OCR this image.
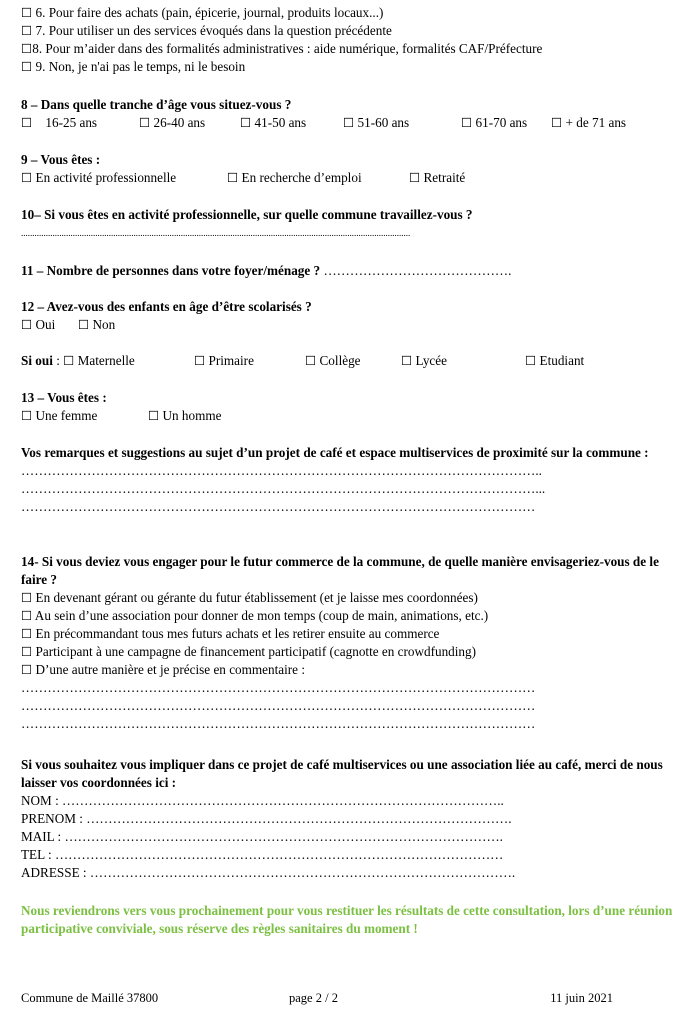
☐ 6. Pour faire des achats (pain, épicerie, journal, produits locaux...)
☐ 7. Pour utiliser un des services évoqués dans la question précédente
☐8. Pour m’aider dans des formalités administratives : aide numérique, formalités CAF/Préfecture
☐ 9. Non, je n'ai pas le temps, ni le besoin
8 – Dans quelle tranche d’âge vous situez-vous ?
☐ 16-25 ans	☐ 26-40 ans	☐ 41-50 ans	☐ 51-60 ans	☐ 61-70 ans	☐ + de 71 ans
9 – Vous êtes :
☐ En activité professionnelle	☐ En recherche d’emploi	☐ Retraité
10– Si vous êtes en activité professionnelle, sur quelle commune travaillez-vous ?
.............................................................................................................................................................................
11 – Nombre de personnes dans votre foyer/ménage ? …………………………………….
12 – Avez-vous des enfants en âge d’être scolarisés ?
☐ Oui	☐ Non
Si oui : ☐ Maternelle	☐ Primaire	☐ Collège	☐ Lycée	☐ Etudiant
13 – Vous êtes :
☐ Une femme	☐ Un homme
Vos remarques et suggestions au sujet d’un projet de café et espace multiservices de proximité sur la commune :
………………………………………………………………………………………………………..
………………………………………………………………………………………………………...
………………………………………………………………………………………………………
14- Si vous deviez vous engager pour le futur commerce de la commune, de quelle manière envisageriez-vous de le faire ?
☐ En devenant gérant ou gérante du futur établissement (et je laisse mes coordonnées)
☐ Au sein d’une association pour donner de mon temps (coup de main, animations, etc.)
☐ En précommandant tous mes futurs achats et les retirer ensuite au commerce
☐ Participant à une campagne de financement participatif (cagnotte en crowdfunding)
☐ D’une autre manière et je précise en commentaire :
………………………………………………………………………………………………………
………………………………………………………………………………………………………
………………………………………………………………………………………………………
Si vous souhaitez vous impliquer dans ce projet de café multiservices ou une association liée au café, merci de nous laisser vos coordonnées ici :
NOM : ………………………………………………………………………………………..
PRENOM : …………………………………………………………………………………….
MAIL : ……………………………………………………………………………………….
TEL : …………………………………………………………………………………………
ADRESSE : …………………………………………………………………………………….
Nous reviendrons vers vous prochainement pour vous restituer les résultats de cette consultation, lors d’une réunion participative conviviale, sous réserve des règles sanitaires du moment !
Commune de Maillé 37800	page 2 / 2	11 juin 2021
